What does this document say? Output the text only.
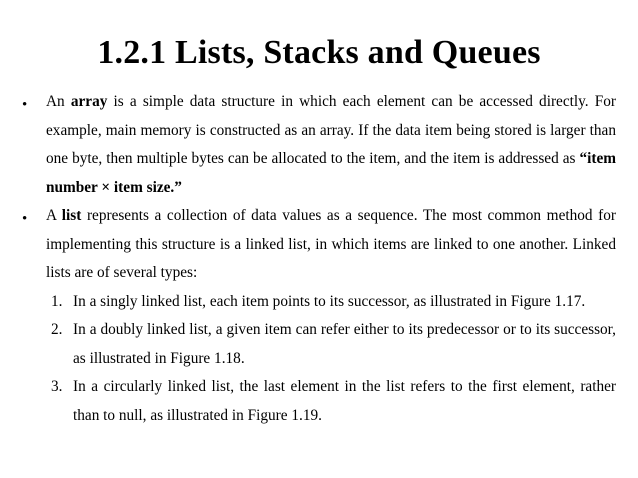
1.2.1 Lists, Stacks and Queues
• An array is a simple data structure in which each element can be accessed directly. For example, main memory is constructed as an array. If the data item being stored is larger than one byte, then multiple bytes can be allocated to the item, and the item is addressed as “item number × item size.”
• A list represents a collection of data values as a sequence. The most common method for implementing this structure is a linked list, in which items are linked to one another. Linked lists are of several types:
1. In a singly linked list, each item points to its successor, as illustrated in Figure 1.17.
2. In a doubly linked list, a given item can refer either to its predecessor or to its successor, as illustrated in Figure 1.18.
3. In a circularly linked list, the last element in the list refers to the first element, rather than to null, as illustrated in Figure 1.19.
